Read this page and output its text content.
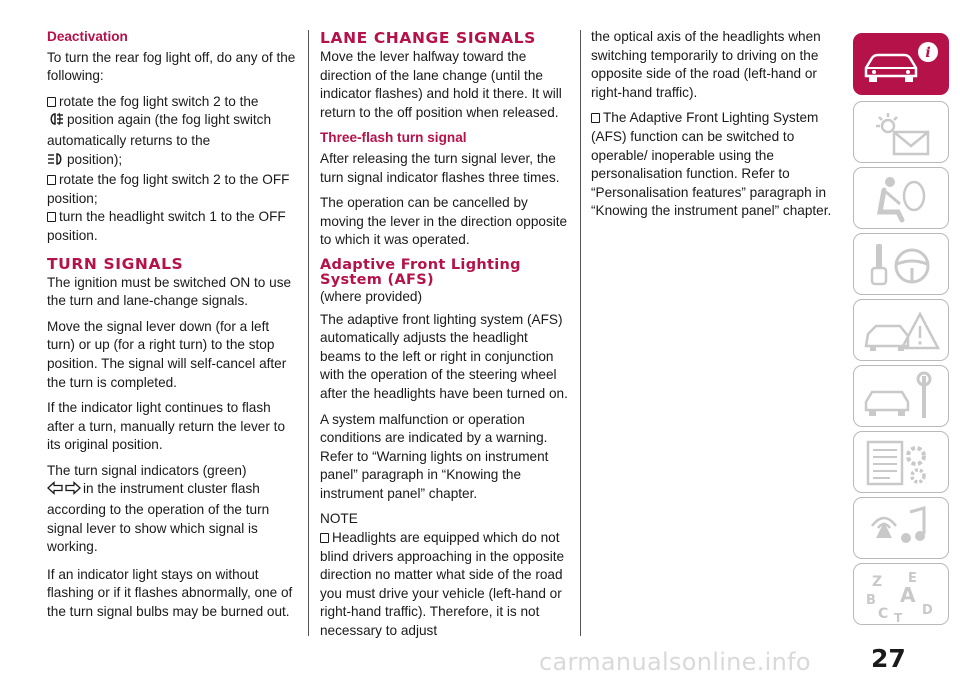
Deactivation

To turn the rear fog light off, do any of the following:

rotate the fog light switch 2 to the
position again (the fog light switch automatically returns to the
position);
rotate the fog light switch 2 to the OFF position;
turn the headlight switch 1 to the OFF position.
TURN SIGNALS

The ignition must be switched ON to use the turn and lane-change signals.

Move the signal lever down (for a left turn) or up (for a right turn) to the stop position. The signal will self-cancel after the turn is completed.

If the indicator light continues to flash after a turn, manually return the lever to its original position.

The turn signal indicators (green)
in the instrument cluster flash according to the operation of the turn signal lever to show which signal is working.

If an indicator light stays on without flashing or if it flashes abnormally, one of the turn signal bulbs may be burned out.

LANE CHANGE SIGNALS

Move the lever halfway toward the direction of the lane change (until the indicator flashes) and hold it there. It will return to the off position when released.

Three-flash turn signal

After releasing the turn signal lever, the turn signal indicator flashes three times.

The operation can be cancelled by moving the lever in the direction opposite to which it was operated.

Adaptive Front Lighting System (AFS)

(where provided)

The adaptive front lighting system (AFS) automatically adjusts the headlight beams to the left or right in conjunction with the operation of the steering wheel after the headlights have been turned on.

A system malfunction or operation conditions are indicated by a warning. Refer to “Warning lights on instrument panel” paragraph in “Knowing the instrument panel” chapter.

NOTE

Headlights are equipped which do not blind drivers approaching in the opposite direction no matter what side of the road you must drive your vehicle (left-hand or right-hand traffic). Therefore, it is not necessary to adjust

the optical axis of the headlights when switching temporarily to driving on the opposite side of the road (left-hand or right-hand traffic).

The Adaptive Front Lighting System (AFS) function can be switched to operable/ inoperable using the personalisation function. Refer to “Personalisation features” paragraph in “Knowing the instrument panel” chapter.
i
Z E
B A
C	D
T
27
carmanualsonline.info
